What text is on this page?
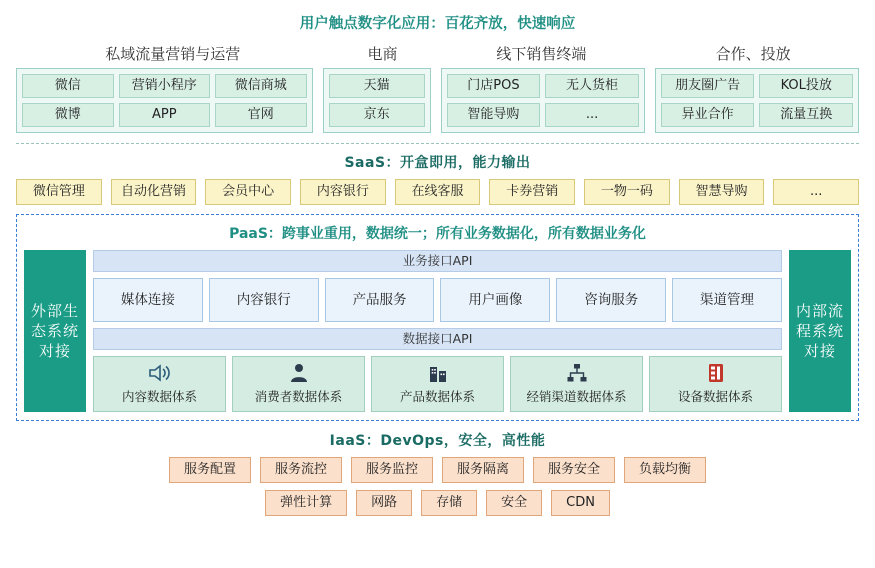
用户触点数字化应用：百花齐放，快速响应
私域流量营销与运营	电商	线下销售终端	合作、投放
微信	营销小程序	微信商城
微博	APP	官网
天猫
京东
门店POS	无人货柜
智能导购	...
朋友圈广告	KOL投放
异业合作	流量互换
SaaS：开盒即用，能力输出
微信管理	自动化营销	会员中心	内容银行	在线客服	卡券营销	一物一码	智慧导购	...
PaaS：跨事业重用，数据统一；所有业务数据化，所有数据业务化
外部生态系统对接
业务接口API
媒体连接	内容银行	产品服务	用户画像	咨询服务	渠道管理
数据接口API
内容数据体系	消费者数据体系	产品数据体系	经销渠道数据体系	设备数据体系
内部流程系统对接
IaaS：DevOps，安全，高性能
服务配置	服务流控	服务监控	服务隔离	服务安全	负载均衡
弹性计算	网路	存储	安全	CDN
